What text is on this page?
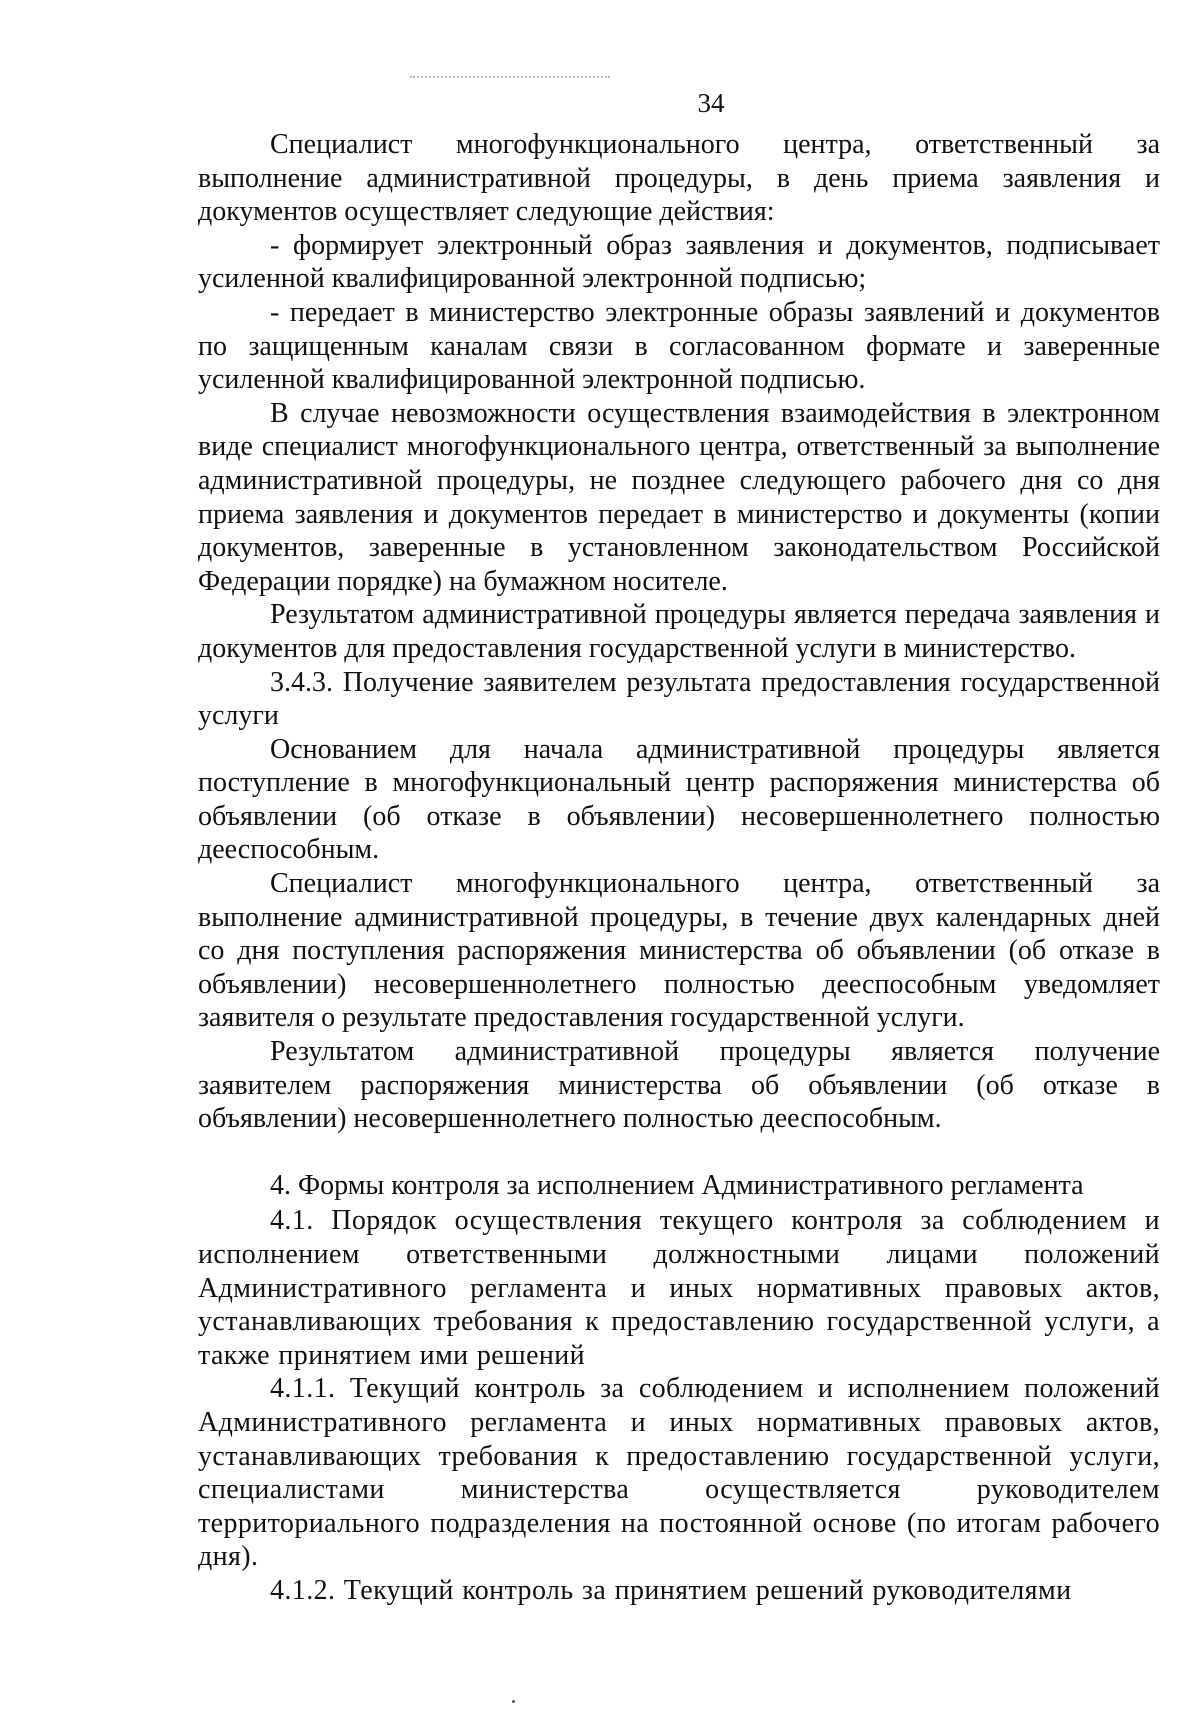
34

Специалист многофункционального центра, ответственный за выполнение административной процедуры, в день приема заявления и документов осуществляет следующие действия:

- формирует электронный образ заявления и документов, подписывает усиленной квалифицированной электронной подписью;

- передает в министерство электронные образы заявлений и документов по защищенным каналам связи в согласованном формате и заверенные усиленной квалифицированной электронной подписью.

В случае невозможности осуществления взаимодействия в электронном виде специалист многофункционального центра, ответственный за выполнение административной процедуры, не позднее следующего рабочего дня со дня приема заявления и документов передает в министерство и документы (копии документов, заверенные в установленном законодательством Российской Федерации порядке) на бумажном носителе.

Результатом административной процедуры является передача заявления и документов для предоставления государственной услуги в министерство.

3.4.3. Получение заявителем результата предоставления государственной услуги

Основанием для начала административной процедуры является поступление в многофункциональный центр распоряжения министерства об объявлении (об отказе в объявлении) несовершеннолетнего полностью дееспособным.

Специалист многофункционального центра, ответственный за выполнение административной процедуры, в течение двух календарных дней со дня поступления распоряжения министерства об объявлении (об отказе в объявлении) несовершеннолетнего полностью дееспособным уведомляет заявителя о результате предоставления государственной услуги.

Результатом административной процедуры является получение заявителем распоряжения министерства об объявлении (об отказе в объявлении) несовершеннолетнего полностью дееспособным.

4. Формы контроля за исполнением Административного регламента

4.1. Порядок осуществления текущего контроля за соблюдением и исполнением ответственными должностными лицами положений Административного регламента и иных нормативных правовых актов, устанавливающих требования к предоставлению государственной услуги, а также принятием ими решений

4.1.1. Текущий контроль за соблюдением и исполнением положений Административного регламента и иных нормативных правовых актов, устанавливающих требования к предоставлению государственной услуги, специалистами министерства осуществляется руководителем территориального подразделения на постоянной основе (по итогам рабочего дня).

4.1.2. Текущий контроль за принятием решений руководителями
